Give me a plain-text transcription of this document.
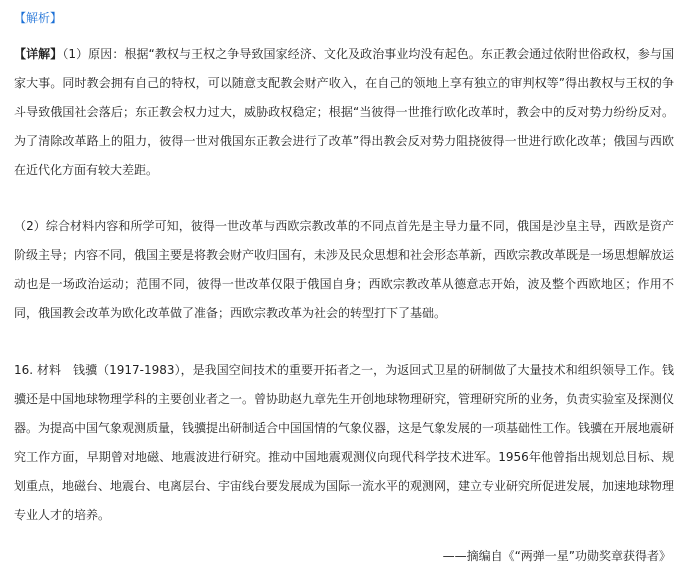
【解析】
【详解】（1）原因：根据“教权与王权之争导致国家经济、文化及政治事业均没有起色。东正教会通过依附世俗政权，参与国家大事。同时教会拥有自己的特权，可以随意支配教会财产收入，在自己的领地上享有独立的审判权等”得出教权与王权的争斗导致俄国社会落后；东正教会权力过大，威胁政权稳定；根据“当彼得一世推行欧化改革时，教会中的反对势力纷纷反对。为了清除改革路上的阻力，彼得一世对俄国东正教会进行了改革”得出教会反对势力阻挠彼得一世进行欧化改革；俄国与西欧在近代化方面有较大差距。
（2）综合材料内容和所学可知，彼得一世改革与西欧宗教改革的不同点首先是主导力量不同，俄国是沙皇主导，西欧是资产阶级主导；内容不同，俄国主要是将教会财产收归国有，未涉及民众思想和社会形态革新，西欧宗教改革既是一场思想解放运动也是一场政治运动；范围不同，彼得一世改革仅限于俄国自身；西欧宗教改革从德意志开始，波及整个西欧地区；作用不同，俄国教会改革为欧化改革做了准备；西欧宗教改革为社会的转型打下了基础。
16. 材料　钱骥（1917-1983），是我国空间技术的重要开拓者之一，为返回式卫星的研制做了大量技术和组织领导工作。钱骥还是中国地球物理学科的主要创业者之一。曾协助赵九章先生开创地球物理研究，管理研究所的业务，负责实验室及探测仪器。为提高中国气象观测质量，钱骥提出研制适合中国国情的气象仪器，这是气象发展的一项基础性工作。钱骥在开展地震研究工作方面，早期曾对地磁、地震波进行研究。推动中国地震观测仪向现代科学技术进军。1956年他曾指出规划总目标、规划重点，地磁台、地震台、电离层台、宇宙线台要发展成为国际一流水平的观测网，建立专业研究所促进发展，加速地球物理专业人才的培养。
——摘编自《“两弹一星”功勋奖章获得者》
